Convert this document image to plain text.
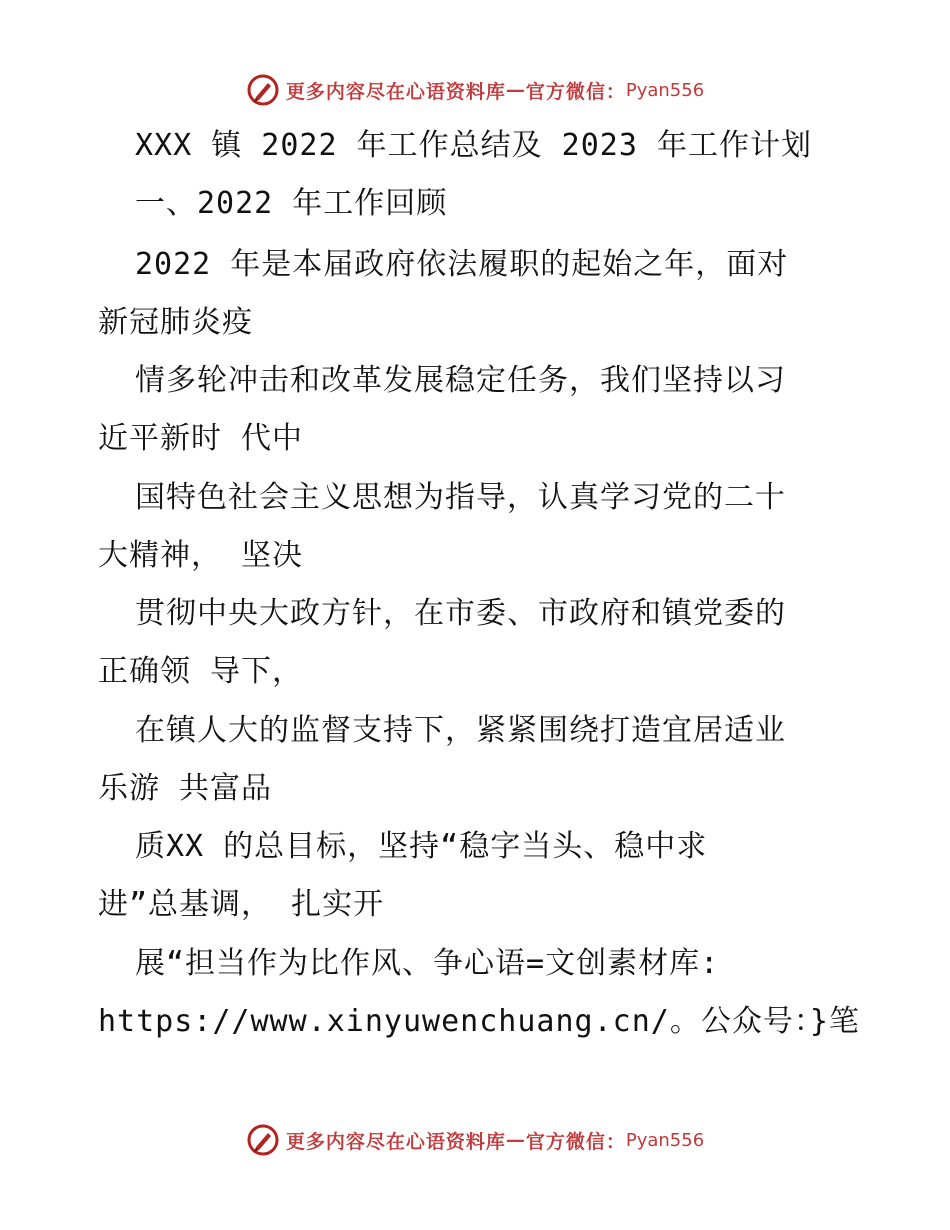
更多内容尽在心语资料库 — 官方微信： Pyan556

XXX 镇 2022 年工作总结及 2023 年工作计划

一、2022 年工作回顾

2022 年是本届政府依法履职的起始之年，面对

新冠肺炎疫

情多轮冲击和改革发展稳定任务，我们坚持以习

近平新时 代中

国特色社会主义思想为指导，认真学习党的二十

大精神， 坚决

贯彻中央大政方针，在市委、市政府和镇党委的

正确领 导下，

在镇人大的监督支持下，紧紧围绕打造宜居适业

乐游 共富品

质XX 的总目标，坚持“稳字当头、稳中求

进”总基调， 扎实开

展“担当作为比作风、争心语=文创素材库:

https://www.xinyuwenchuang.cn/。公众号：}笔

更多内容尽在心语资料库 — 官方微信： Pyan556
